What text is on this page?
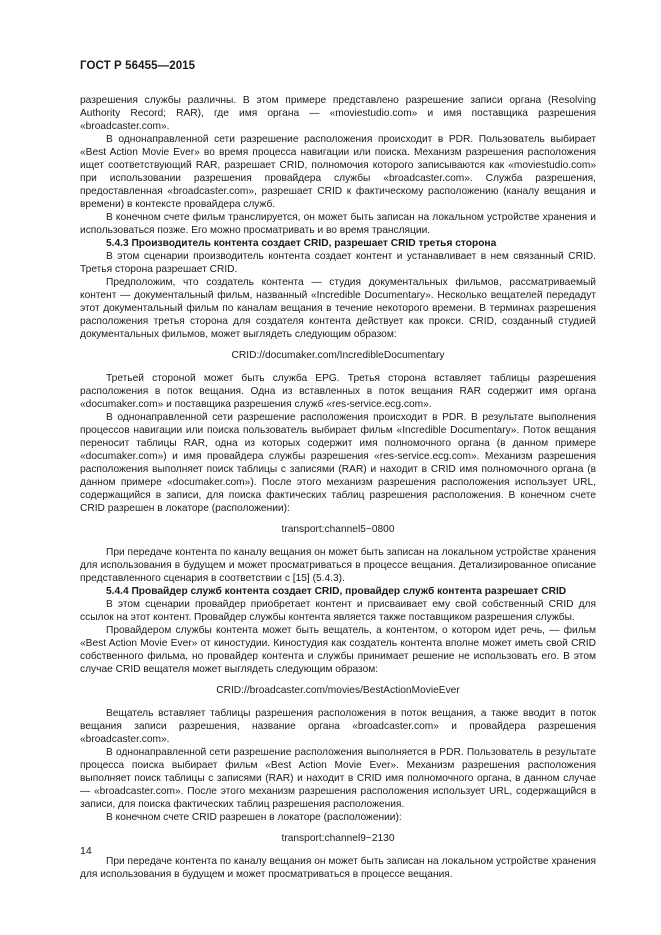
ГОСТ Р 56455—2015

разрешения службы различны. В этом примере представлено разрешение записи органа (Resolving Authority Record; RAR), где имя органа — «moviestudio.com» и имя поставщика разрешения «broadcaster.com».

В однонаправленной сети разрешение расположения происходит в PDR. Пользователь выбирает «Best Action Movie Ever» во время процесса навигации или поиска. Механизм разрешения расположения ищет соответствующий RAR, разрешает CRID, полномочия которого записываются как «moviestudio.com» при использовании разрешения провайдера службы «broadcaster.com». Служба разрешения, предоставленная «broadcaster.com», разрешает CRID к фактическому расположению (каналу вещания и времени) в контексте провайдера служб.

В конечном счете фильм транслируется, он может быть записан на локальном устройстве хранения и использоваться позже. Его можно просматривать и во время трансляции.

5.4.3 Производитель контента создает CRID, разрешает CRID третья сторона

В этом сценарии производитель контента создает контент и устанавливает в нем связанный CRID. Третья сторона разрешает CRID.

Предположим, что создатель контента — студия документальных фильмов, рассматриваемый контент — документальный фильм, названный «Incredible Documentary». Несколько вещателей передадут этот документальный фильм по каналам вещания в течение некоторого времени. В терминах разрешения расположения третья сторона для создателя контента действует как прокси. CRID, созданный студией документальных фильмов, может выглядеть следующим образом:

CRID://documaker.com/IncredibleDocumentary

Третьей стороной может быть служба EPG. Третья сторона вставляет таблицы разрешения расположения в поток вещания. Одна из вставленных в поток вещания RAR содержит имя органа «documaker.com» и поставщика разрешения служб «res-service.ecg.com».

В однонаправленной сети разрешение расположения происходит в PDR. В результате выполнения процессов навигации или поиска пользователь выбирает фильм «Incredible Documentary». Поток вещания переносит таблицы RAR, одна из которых содержит имя полномочного органа (в данном примере «documaker.com») и имя провайдера службы разрешения «res-service.ecg.com». Механизм разрешения расположения выполняет поиск таблицы с записями (RAR) и находит в CRID имя полномочного органа (в данном примере «documaker.com»). После этого механизм разрешения расположения использует URL, содержащийся в записи, для поиска фактических таблиц разрешения расположения. В конечном счете CRID разрешен в локаторе (расположении):

transport:channel5~0800

При передаче контента по каналу вещания он может быть записан на локальном устройстве хранения для использования в будущем и может просматриваться в процессе вещания. Детализированное описание представленного сценария в соответствии с [15] (5.4.3).

5.4.4 Провайдер служб контента создает CRID, провайдер служб контента разрешает CRID

В этом сценарии провайдер приобретает контент и присваивает ему свой собственный CRID для ссылок на этот контент. Провайдер службы контента является также поставщиком разрешения службы.

Провайдером службы контента может быть вещатель, а контентом, о котором идет речь, — фильм «Best Action Movie Ever» от киностудии. Киностудия как создатель контента вполне может иметь свой CRID собственного фильма, но провайдер контента и службы принимает решение не использовать его. В этом случае CRID вещателя может выглядеть следующим образом:

CRID://broadcaster.com/movies/BestActionMovieEver

Вещатель вставляет таблицы разрешения расположения в поток вещания, а также вводит в поток вещания записи разрешения, название органа «broadcaster.com» и провайдера разрешения «broadcaster.com».

В однонаправленной сети разрешение расположения выполняется в PDR. Пользователь в результате процесса поиска выбирает фильм «Best Action Movie Ever». Механизм разрешения расположения выполняет поиск таблицы с записями (RAR) и находит в CRID имя полномочного органа, в данном случае — «broadcaster.com». После этого механизм разрешения расположения использует URL, содержащийся в записи, для поиска фактических таблиц разрешения расположения.

В конечном счете CRID разрешен в локаторе (расположении):

transport:channel9~2130

При передаче контента по каналу вещания он может быть записан на локальном устройстве хранения для использования в будущем и может просматриваться в процессе вещания.

14
